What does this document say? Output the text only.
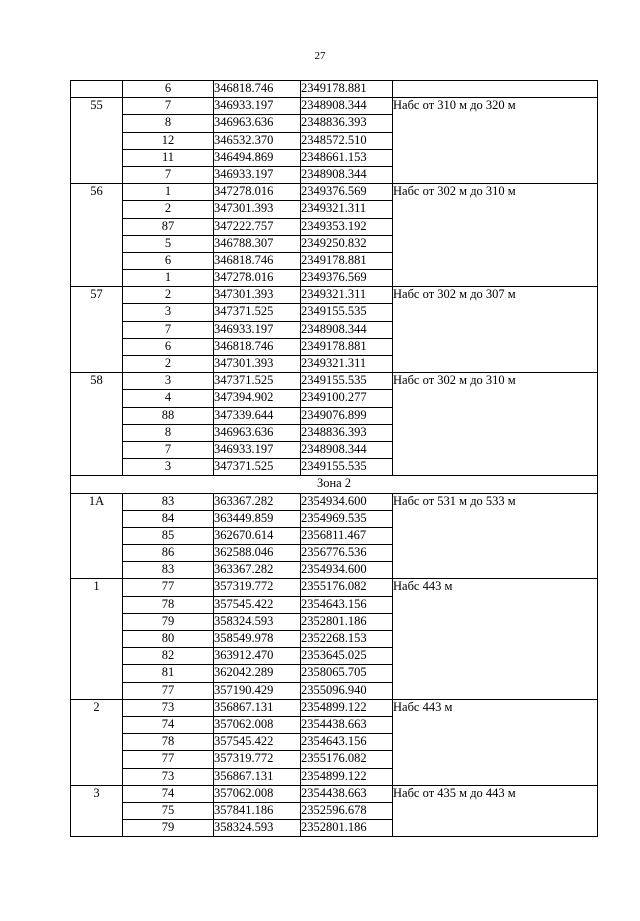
27
	6	346818.746	2349178.881	
55	7	346933.197	2348908.344	Набс от 310 м до 320 м
	8	346963.636	2348836.393	
	12	346532.370	2348572.510	
	11	346494.869	2348661.153	
	7	346933.197	2348908.344	
56	1	347278.016	2349376.569	Набс от 302 м до 310 м
	2	347301.393	2349321.311	
	87	347222.757	2349353.192	
	5	346788.307	2349250.832	
	6	346818.746	2349178.881	
	1	347278.016	2349376.569	
57	2	347301.393	2349321.311	Набс от 302 м до 307 м
	3	347371.525	2349155.535	
	7	346933.197	2348908.344	
	6	346818.746	2349178.881	
	2	347301.393	2349321.311	
58	3	347371.525	2349155.535	Набс от 302 м до 310 м
	4	347394.902	2349100.277	
	88	347339.644	2349076.899	
	8	346963.636	2348836.393	
	7	346933.197	2348908.344	
	3	347371.525	2349155.535	
Зона 2				
1А	83	363367.282	2354934.600	Набс от 531 м до 533 м
	84	363449.859	2354969.535	
	85	362670.614	2356811.467	
	86	362588.046	2356776.536	
	83	363367.282	2354934.600	
1	77	357319.772	2355176.082	Набс 443 м
	78	357545.422	2354643.156	
	79	358324.593	2352801.186	
	80	358549.978	2352268.153	
	82	363912.470	2353645.025	
	81	362042.289	2358065.705	
	77	357190.429	2355096.940	
2	73	356867.131	2354899.122	Набс 443 м
	74	357062.008	2354438.663	
	78	357545.422	2354643.156	
	77	357319.772	2355176.082	
	73	356867.131	2354899.122	
3	74	357062.008	2354438.663	Набс от 435 м до 443 м
	75	357841.186	2352596.678	
	79	358324.593	2352801.186	
